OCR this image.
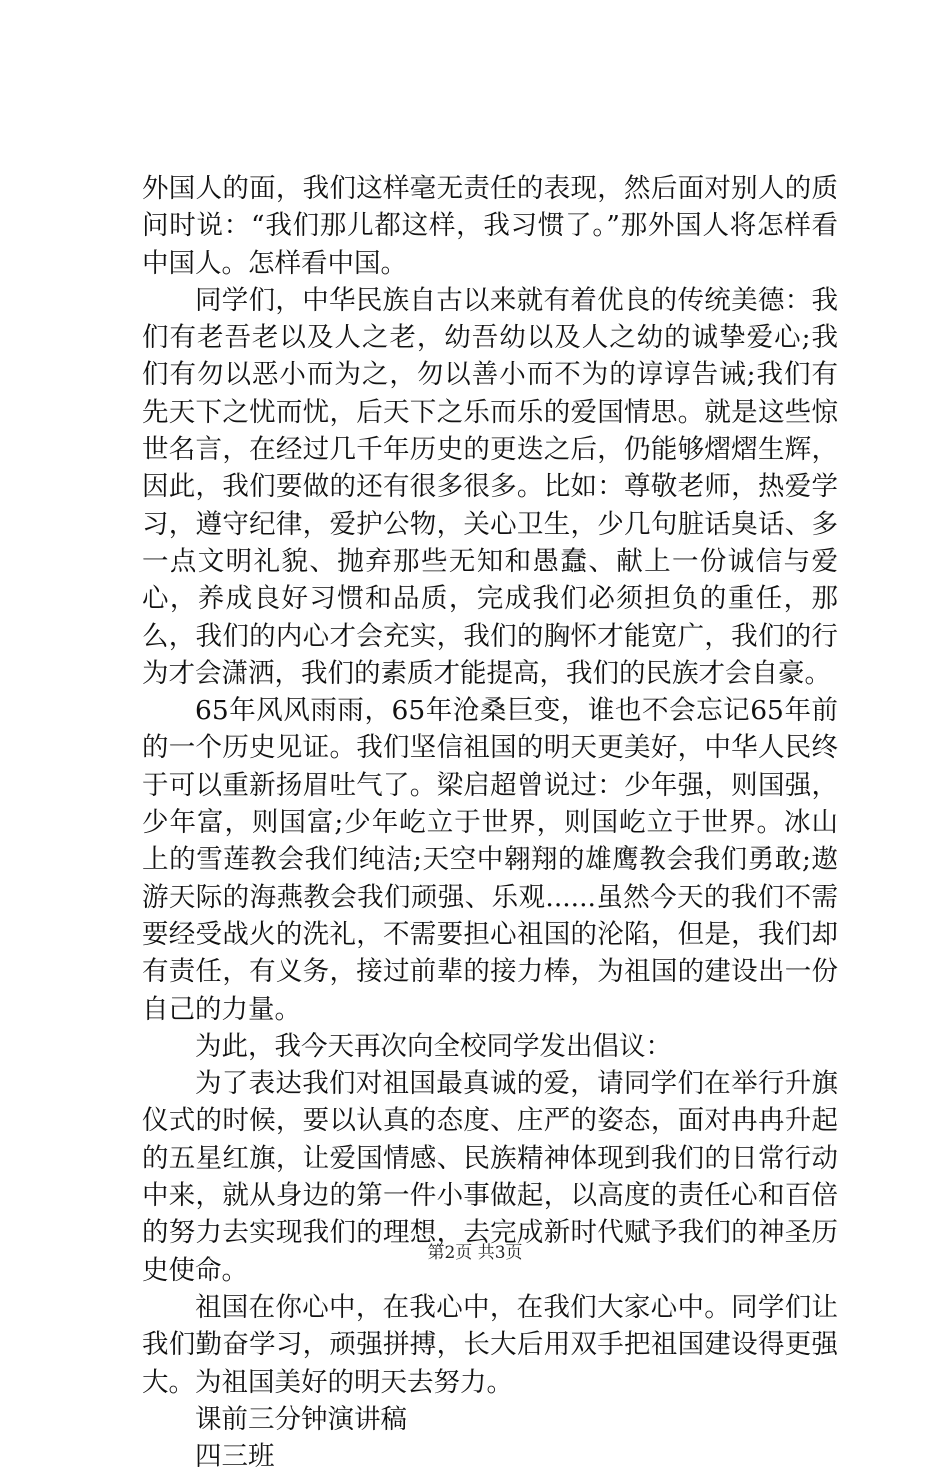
外国人的面，我们这样毫无责任的表现，然后面对别人的质问时说：“我们那儿都这样，我习惯了。”那外国人将怎样看中国人。怎样看中国。

同学们，中华民族自古以来就有着优良的传统美德：我们有老吾老以及人之老，幼吾幼以及人之幼的诚挚爱心;我们有勿以恶小而为之，勿以善小而不为的谆谆告诫;我们有先天下之忧而忧，后天下之乐而乐的爱国情思。就是这些惊世名言，在经过几千年历史的更迭之后，仍能够熠熠生辉，因此，我们要做的还有很多很多。比如：尊敬老师，热爱学习，遵守纪律，爱护公物，关心卫生，少几句脏话臭话、多一点文明礼貌、抛弃那些无知和愚蠢、献上一份诚信与爱心，养成良好习惯和品质，完成我们必须担负的重任，那么，我们的内心才会充实，我们的胸怀才能宽广，我们的行为才会潇洒，我们的素质才能提高，我们的民族才会自豪。

65年风风雨雨，65年沧桑巨变，谁也不会忘记65年前的一个历史见证。我们坚信祖国的明天更美好，中华人民终于可以重新扬眉吐气了。梁启超曾说过：少年强，则国强，少年富，则国富;少年屹立于世界，则国屹立于世界。冰山上的雪莲教会我们纯洁;天空中翱翔的雄鹰教会我们勇敢;遨游天际的海燕教会我们顽强、乐观......虽然今天的我们不需要经受战火的洗礼，不需要担心祖国的沦陷，但是，我们却有责任，有义务，接过前辈的接力棒，为祖国的建设出一份自己的力量。

为此，我今天再次向全校同学发出倡议：

为了表达我们对祖国最真诚的爱，请同学们在举行升旗仪式的时候，要以认真的态度、庄严的姿态，面对冉冉升起的五星红旗，让爱国情感、民族精神体现到我们的日常行动中来，就从身边的第一件小事做起，以高度的责任心和百倍的努力去实现我们的理想，去完成新时代赋予我们的神圣历史使命。

祖国在你心中，在我心中，在我们大家心中。同学们让我们勤奋学习，顽强拼搏，长大后用双手把祖国建设得更强大。为祖国美好的明天去努力。

课前三分钟演讲稿

四三班

第2页 共3页
